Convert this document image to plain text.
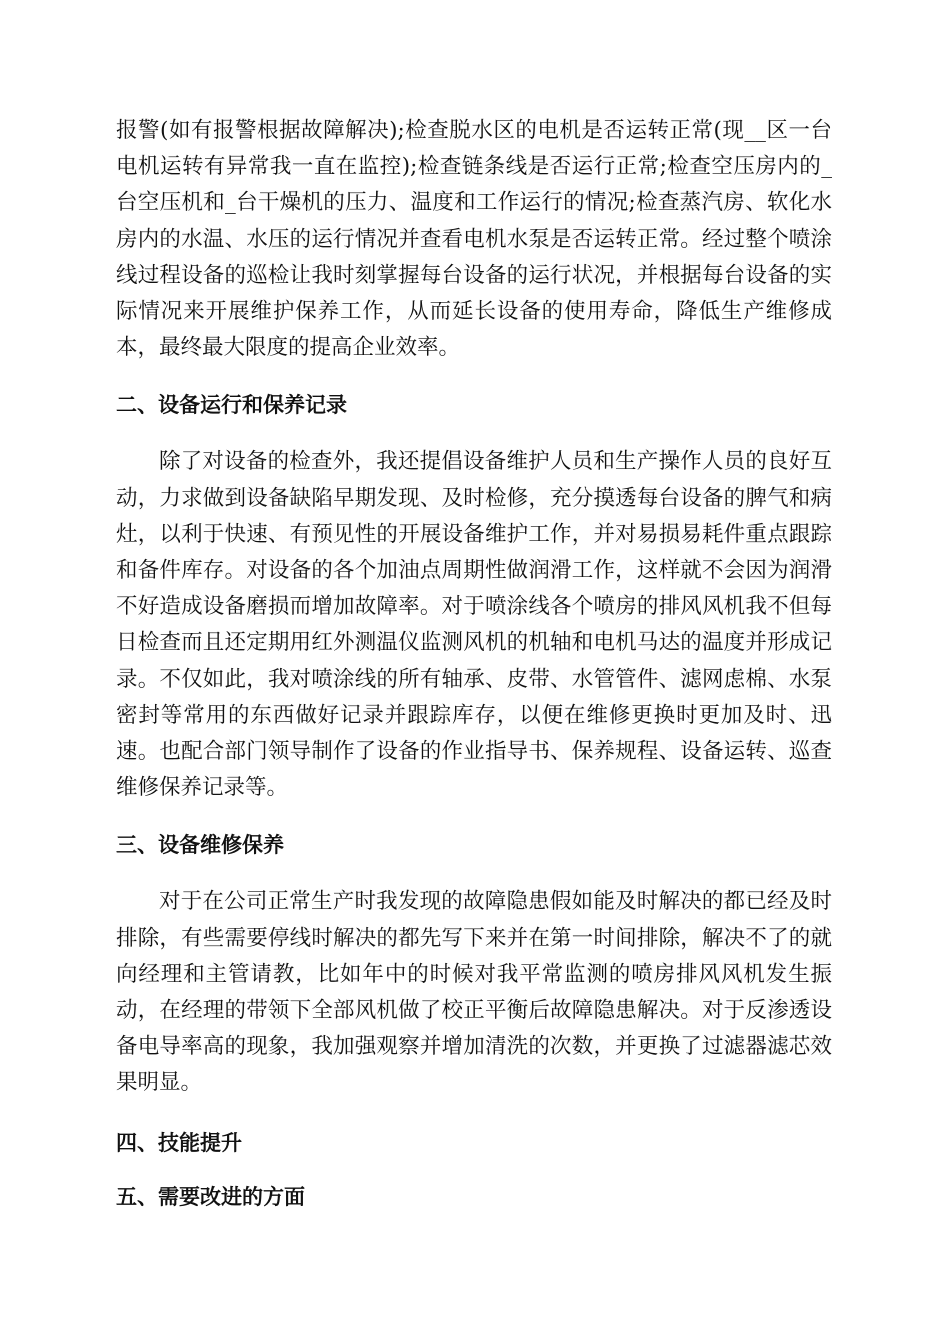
报警(如有报警根据故障解决);检查脱水区的电机是否运转正常(现__区一台电机运转有异常我一直在监控);检查链条线是否运行正常;检查空压房内的_台空压机和_台干燥机的压力、温度和工作运行的情况;检查蒸汽房、软化水房内的水温、水压的运行情况并查看电机水泵是否运转正常。经过整个喷涂线过程设备的巡检让我时刻掌握每台设备的运行状况，并根据每台设备的实际情况来开展维护保养工作，从而延长设备的使用寿命，降低生产维修成本，最终最大限度的提高企业效率。

二、设备运行和保养记录

除了对设备的检查外，我还提倡设备维护人员和生产操作人员的良好互动，力求做到设备缺陷早期发现、及时检修，充分摸透每台设备的脾气和病灶，以利于快速、有预见性的开展设备维护工作，并对易损易耗件重点跟踪和备件库存。对设备的各个加油点周期性做润滑工作，这样就不会因为润滑不好造成设备磨损而增加故障率。对于喷涂线各个喷房的排风风机我不但每日检查而且还定期用红外测温仪监测风机的机轴和电机马达的温度并形成记录。不仅如此，我对喷涂线的所有轴承、皮带、水管管件、滤网虑棉、水泵密封等常用的东西做好记录并跟踪库存，以便在维修更换时更加及时、迅速。也配合部门领导制作了设备的作业指导书、保养规程、设备运转、巡查维修保养记录等。

三、设备维修保养

对于在公司正常生产时我发现的故障隐患假如能及时解决的都已经及时排除，有些需要停线时解决的都先写下来并在第一时间排除，解决不了的就向经理和主管请教，比如年中的时候对我平常监测的喷房排风风机发生振动，在经理的带领下全部风机做了校正平衡后故障隐患解决。对于反渗透设备电导率高的现象，我加强观察并增加清洗的次数，并更换了过滤器滤芯效果明显。

四、技能提升
五、需要改进的方面
